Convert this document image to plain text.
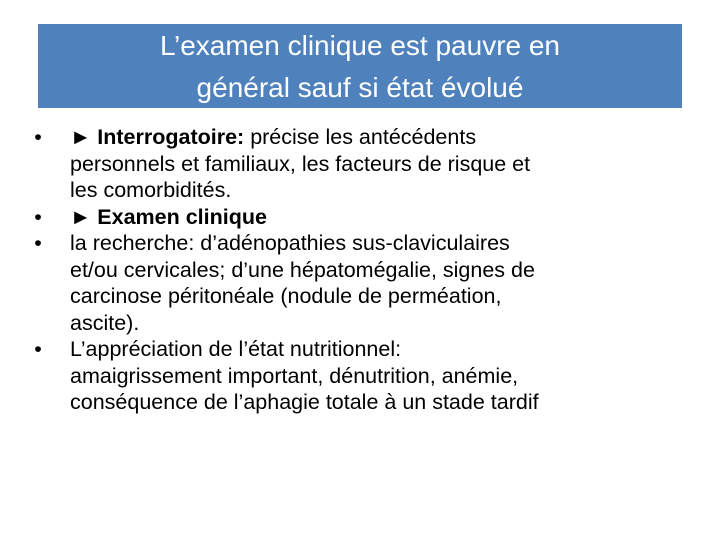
L’examen clinique est pauvre en
général sauf si état évolué
• ► Interrogatoire: précise les antécédents
personnels et familiaux, les facteurs de risque et
les comorbidités.
• ► Examen clinique
• la recherche: d’adénopathies sus-claviculaires
et/ou cervicales; d’une hépatomégalie, signes de
carcinose péritonéale (nodule de perméation,
ascite).
• L’appréciation de l’état nutritionnel:
amaigrissement important, dénutrition, anémie,
conséquence de l’aphagie totale à un stade tardif
